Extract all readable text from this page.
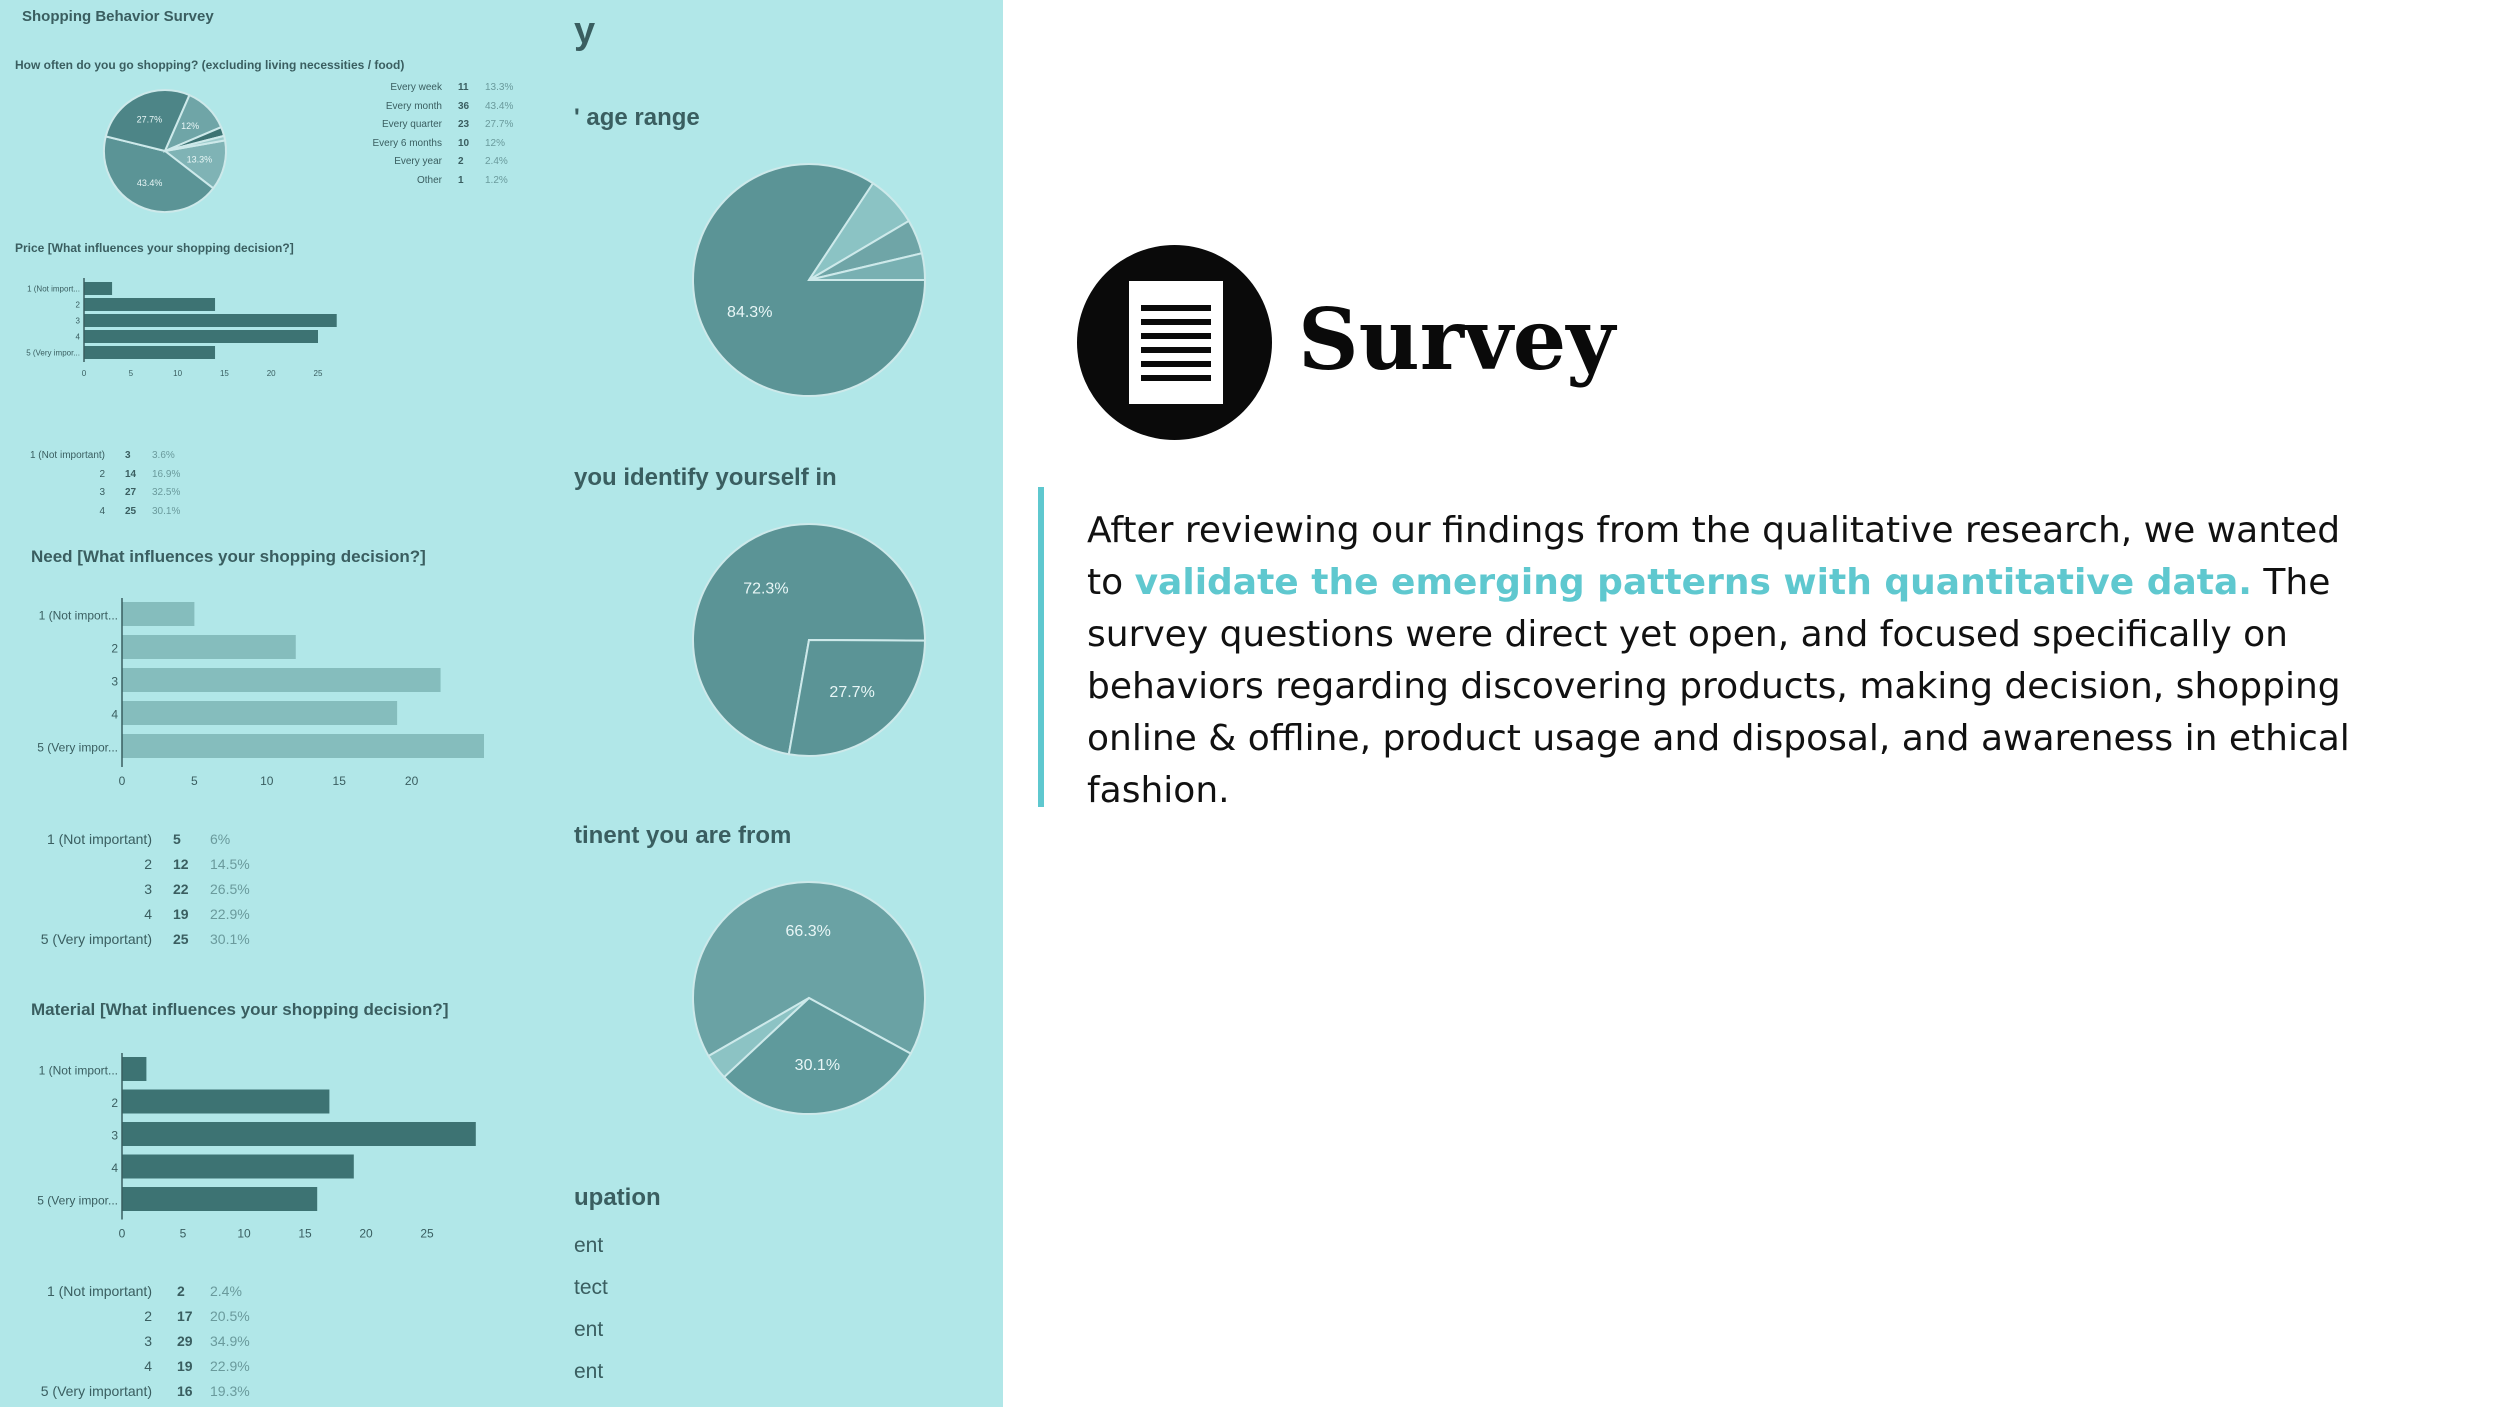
y
' age range
84.3%
you identify yourself in
72.3%
27.7%
tinent you are from
66.3%
30.1%
upation
ent
tect
ent
ent
Shopping Behavior Survey
How often do you go shopping? (excluding living necessities / food)
13.3%
43.4%
27.7%
12%
Every week 11 13.3%
Every month 36 43.4%
Every quarter 23 27.7%
Every 6 months 10 12%
Every year 2 2.4%
Other 1 1.2%
Price [What influences your shopping decision?]
1 (Not import...
2
3
4
5 (Very impor...
0	5	10	15	20	25
1 (Not important) 3 3.6%
2 14 16.9%
3 27 32.5%
4 25 30.1%
Need [What influences your shopping decision?]
1 (Not import...
2
3
4
5 (Very impor...
0	5	10	15	20
1 (Not important) 5 6%
2 12 14.5%
3 22 26.5%
4 19 22.9%
5 (Very important) 25 30.1%
Material [What influences your shopping decision?]
1 (Not import...
2
3
4
5 (Very impor...
0	5	10	15	20	25
1 (Not important) 2 2.4%
2 17 20.5%
3 29 34.9%
4 19 22.9%
5 (Very important) 16 19.3%
Survey
After reviewing our findings from the qualitative research, we wanted to validate the emerging patterns with quantitative data. The survey questions were direct yet open, and focused specifically on behaviors regarding discovering products, making decision, shopping online & offline, product usage and disposal, and awareness in ethical fashion.
